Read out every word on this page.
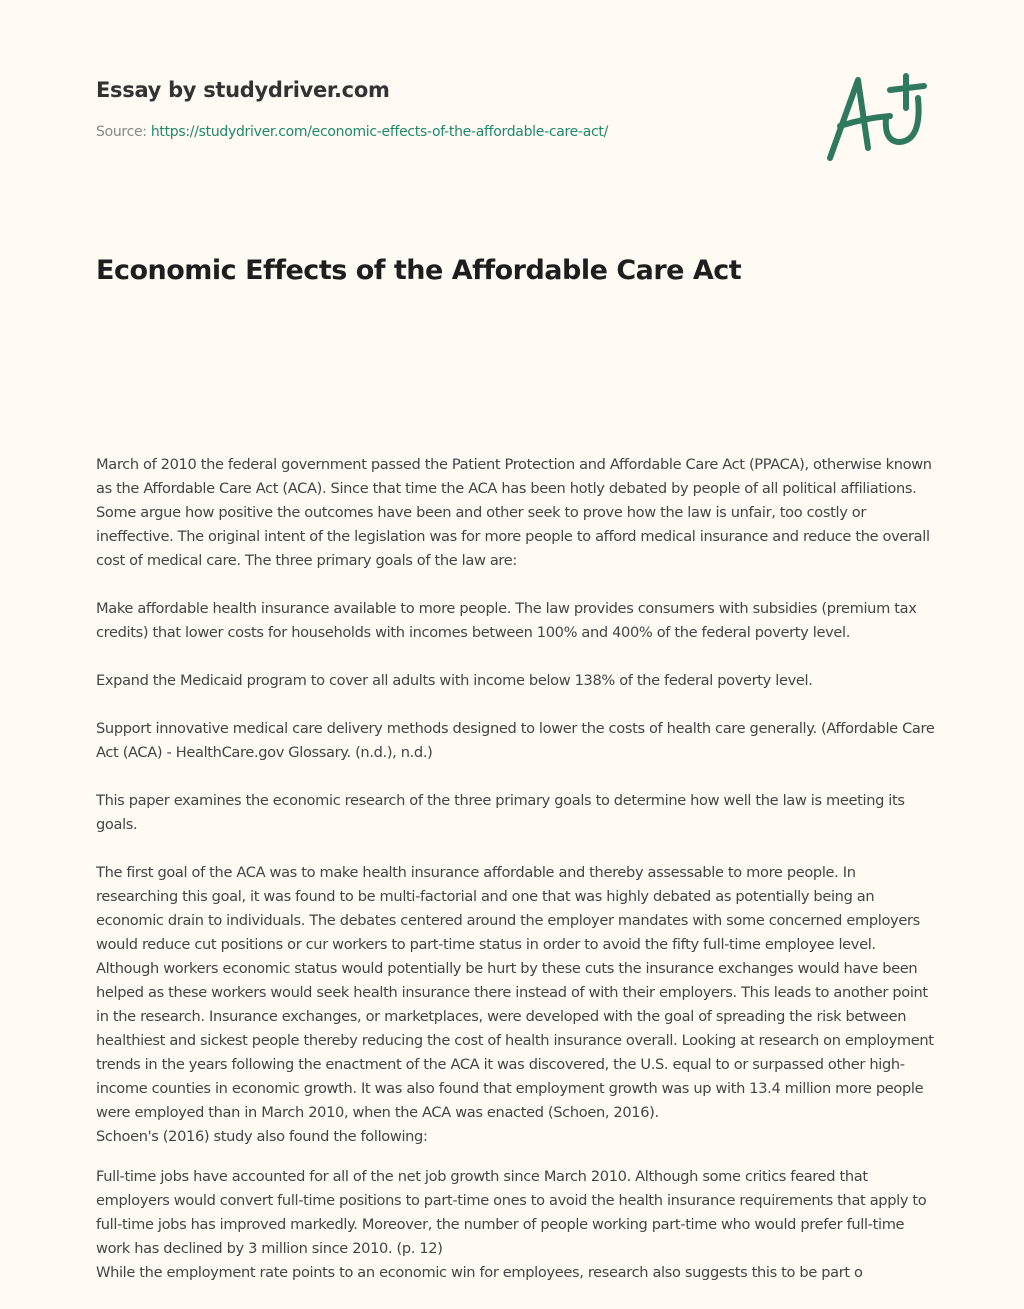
Essay by studydriver.com
Source: https://studydriver.com/economic-effects-of-the-affordable-care-act/
Economic Effects of the Affordable Care Act

March of 2010 the federal government passed the Patient Protection and Affordable Care Act (PPACA), otherwise known as the Affordable Care Act (ACA). Since that time the ACA has been hotly debated by people of all political affiliations. Some argue how positive the outcomes have been and other seek to prove how the law is unfair, too costly or ineffective. The original intent of the legislation was for more people to afford medical insurance and reduce the overall cost of medical care. The three primary goals of the law are:

Make affordable health insurance available to more people. The law provides consumers with subsidies (premium tax credits) that lower costs for households with incomes between 100% and 400% of the federal poverty level.

Expand the Medicaid program to cover all adults with income below 138% of the federal poverty level.

Support innovative medical care delivery methods designed to lower the costs of health care generally. (Affordable Care Act (ACA) - HealthCare.gov Glossary. (n.d.), n.d.)

This paper examines the economic research of the three primary goals to determine how well the law is meeting its goals.

The first goal of the ACA was to make health insurance affordable and thereby assessable to more people. In researching this goal, it was found to be multi-factorial and one that was highly debated as potentially being an economic drain to individuals. The debates centered around the employer mandates with some concerned employers would reduce cut positions or cur workers to part-time status in order to avoid the fifty full-time employee level. Although workers economic status would potentially be hurt by these cuts the insurance exchanges would have been helped as these workers would seek health insurance there instead of with their employers. This leads to another point in the research. Insurance exchanges, or marketplaces, were developed with the goal of spreading the risk between healthiest and sickest people thereby reducing the cost of health insurance overall. Looking at research on employment trends in the years following the enactment of the ACA it was discovered, the U.S. equal to or surpassed other high-income counties in economic growth. It was also found that employment growth was up with 13.4 million more people were employed than in March 2010, when the ACA was enacted (Schoen, 2016).

Schoen's (2016) study also found the following:

Full-time jobs have accounted for all of the net job growth since March 2010. Although some critics feared that employers would convert full-time positions to part-time ones to avoid the health insurance requirements that apply to full-time jobs has improved markedly. Moreover, the number of people working part-time who would prefer full-time work has declined by 3 million since 2010. (p. 12)

While the employment rate points to an economic win for employees, research also suggests this to be part o
